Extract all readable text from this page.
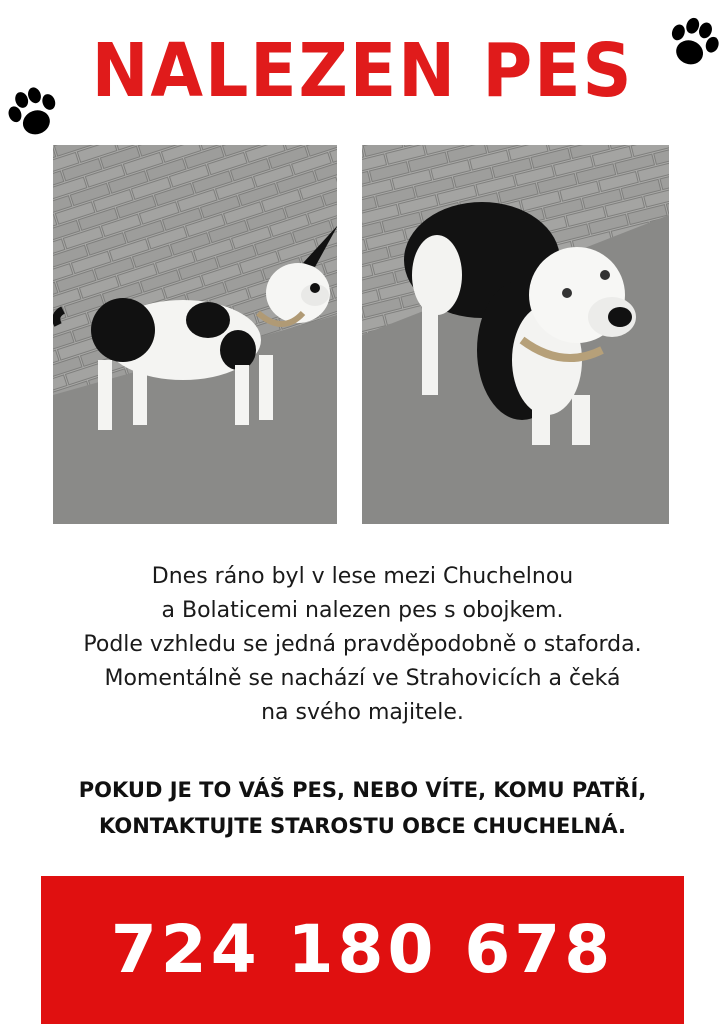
NALEZEN PES
Dnes ráno byl v lese mezi Chuchelnou
a Bolaticemi nalezen pes s obojkem.
Podle vzhledu se jedná pravděpodobně o staforda.
Momentálně se nachází ve Strahovicích a čeká
na svého majitele.
POKUD JE TO VÁŠ PES, NEBO VÍTE, KOMU PATŘÍ,
KONTAKTUJTE STAROSTU OBCE CHUCHELNÁ.
724 180 678
